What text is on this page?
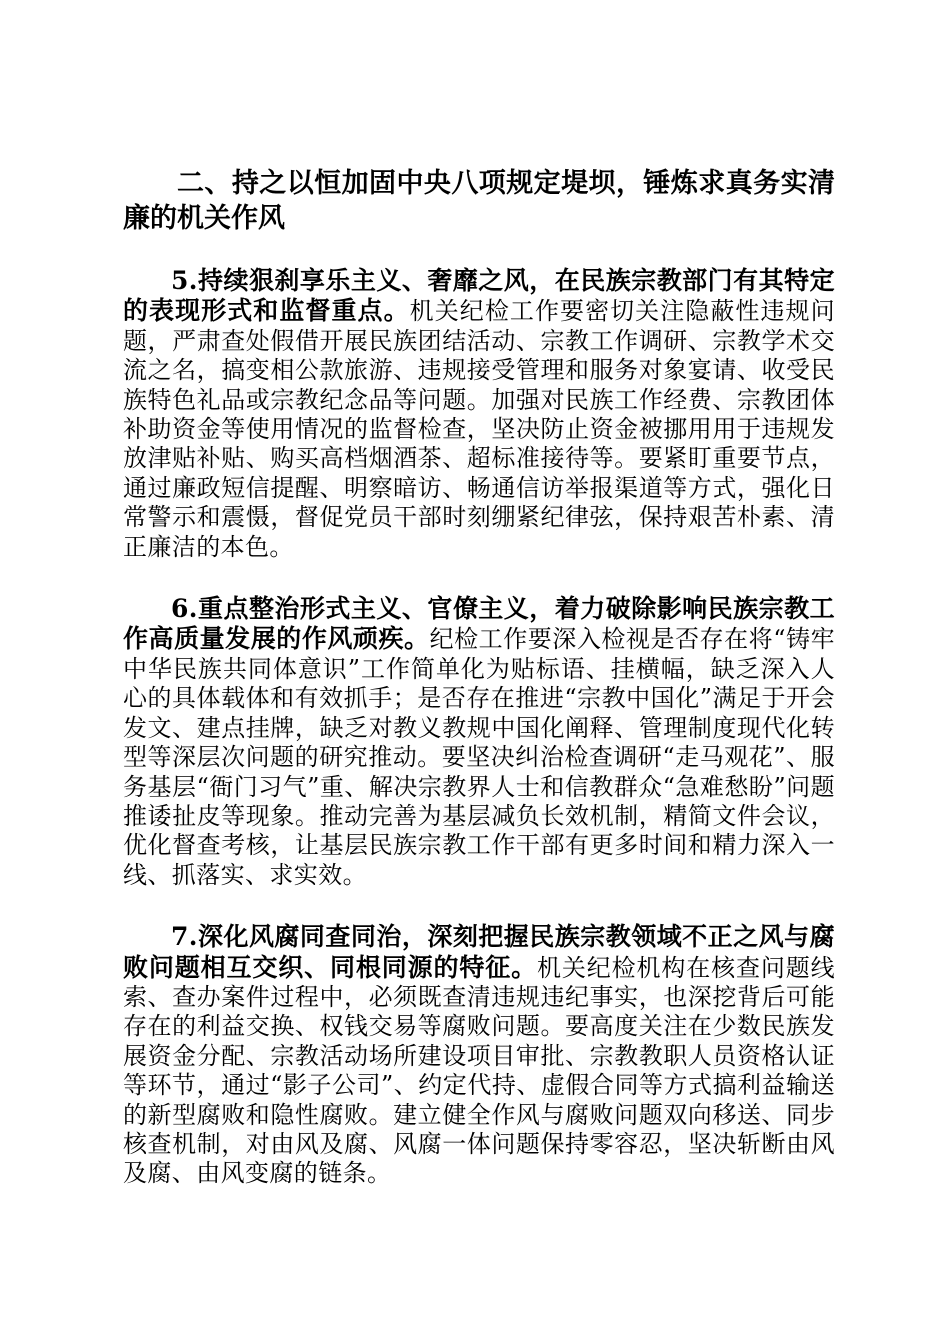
二、持之以恒加固中央八项规定堤坝，锤炼求真务实清廉的机关作风

5.持续狠刹享乐主义、奢靡之风，在民族宗教部门有其特定的表现形式和监督重点。机关纪检工作要密切关注隐蔽性违规问题，严肃查处假借开展民族团结活动、宗教工作调研、宗教学术交流之名，搞变相公款旅游、违规接受管理和服务对象宴请、收受民族特色礼品或宗教纪念品等问题。加强对民族工作经费、宗教团体补助资金等使用情况的监督检查，坚决防止资金被挪用用于违规发放津贴补贴、购买高档烟酒茶、超标准接待等。要紧盯重要节点，通过廉政短信提醒、明察暗访、畅通信访举报渠道等方式，强化日常警示和震慑，督促党员干部时刻绷紧纪律弦，保持艰苦朴素、清正廉洁的本色。

6.重点整治形式主义、官僚主义，着力破除影响民族宗教工作高质量发展的作风顽疾。纪检工作要深入检视是否存在将“铸牢中华民族共同体意识”工作简单化为贴标语、挂横幅，缺乏深入人心的具体载体和有效抓手；是否存在推进“宗教中国化”满足于开会发文、建点挂牌，缺乏对教义教规中国化阐释、管理制度现代化转型等深层次问题的研究推动。要坚决纠治检查调研“走马观花”、服务基层“衙门习气”重、解决宗教界人士和信教群众“急难愁盼”问题推诿扯皮等现象。推动完善为基层减负长效机制，精简文件会议，优化督查考核，让基层民族宗教工作干部有更多时间和精力深入一线、抓落实、求实效。

7.深化风腐同查同治，深刻把握民族宗教领域不正之风与腐败问题相互交织、同根同源的特征。机关纪检机构在核查问题线索、查办案件过程中，必须既查清违规违纪事实，也深挖背后可能存在的利益交换、权钱交易等腐败问题。要高度关注在少数民族发展资金分配、宗教活动场所建设项目审批、宗教教职人员资格认证等环节，通过“影子公司”、约定代持、虚假合同等方式搞利益输送的新型腐败和隐性腐败。建立健全作风与腐败问题双向移送、同步核查机制，对由风及腐、风腐一体问题保持零容忍，坚决斩断由风及腐、由风变腐的链条。
